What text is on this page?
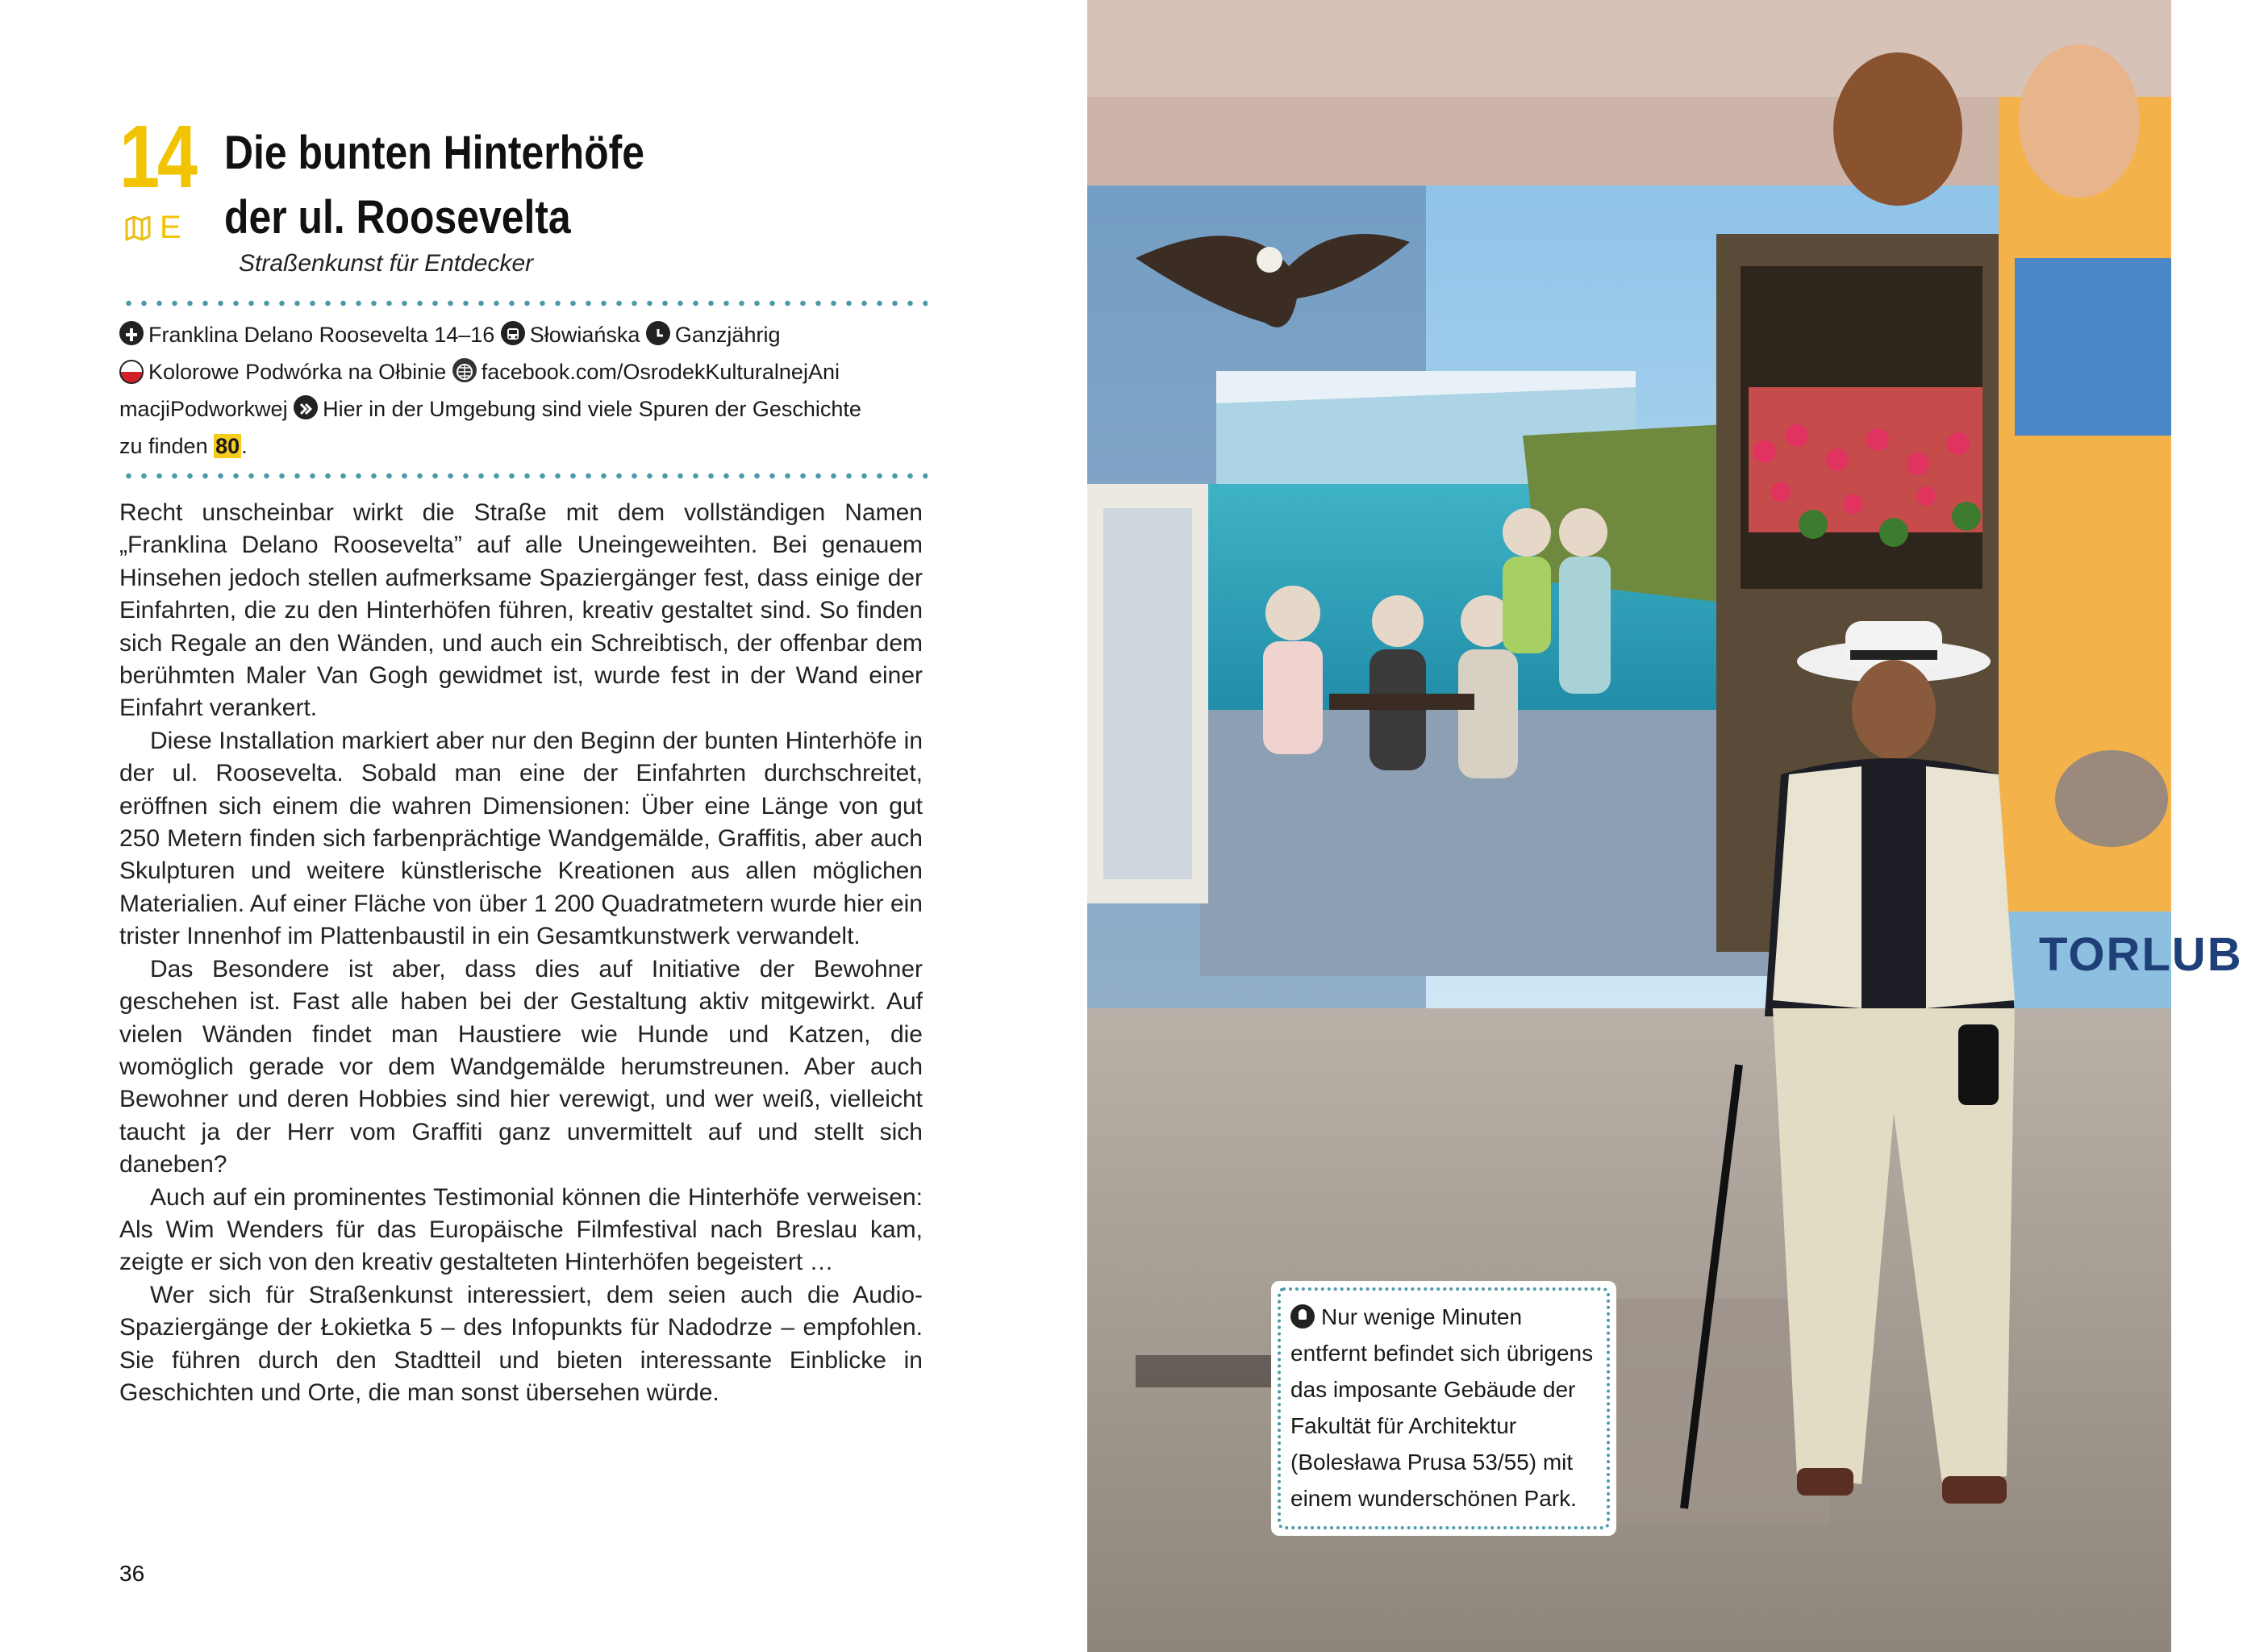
14
E
Die bunten Hinterhöfe
der ul. Roosevelta
Straßenkunst für Entdecker
Franklina Delano Roosevelta 14–16 Słowiańska Ganzjährig
Kolorowe Podwórka na Ołbinie facebook.com/OsrodekKulturalnejAni
macjiPodworkwej Hier in der Umgebung sind viele Spuren der Geschichte
zu finden 80.

Recht unscheinbar wirkt die Straße mit dem vollständigen Namen „Franklina Delano Roosevelta” auf alle Uneingeweihten. Bei genauem Hinsehen jedoch stellen aufmerksame Spaziergänger fest, dass einige der Einfahrten, die zu den Hinterhöfen führen, kreativ gestaltet sind. So finden sich Regale an den Wänden, und auch ein Schreibtisch, der offenbar dem berühmten Maler Van Gogh gewidmet ist, wurde fest in der Wand einer Einfahrt verankert.

Diese Installation markiert aber nur den Beginn der bunten Hinterhöfe in der ul. Roosevelta. Sobald man eine der Einfahrten durchschreitet, eröffnen sich einem die wahren Dimensionen: Über eine Länge von gut 250 Metern finden sich farbenprächtige Wandgemälde, Graffitis, aber auch Skulpturen und weitere künstlerische Kreationen aus allen möglichen Materialien. Auf einer Fläche von über 1 200 Quadratmetern wurde hier ein trister Innenhof im Plattenbaustil in ein Gesamtkunstwerk verwandelt.

Das Besondere ist aber, dass dies auf Initiative der Bewohner geschehen ist. Fast alle haben bei der Gestaltung aktiv mitgewirkt. Auf vielen Wänden findet man Haustiere wie Hunde und Katzen, die womöglich gerade vor dem Wandgemälde herumstreunen. Aber auch Bewohner und deren Hobbies sind hier verewigt, und wer weiß, vielleicht taucht ja der Herr vom Graffiti ganz unvermittelt auf und stellt sich daneben?

Auch auf ein prominentes Testimonial können die Hinterhöfe verweisen: Als Wim Wenders für das Europäische Filmfestival nach Breslau kam, zeigte er sich von den kreativ gestalteten Hinterhöfen begeistert …

Wer sich für Straßenkunst interessiert, dem seien auch die Audio-Spaziergänge der Łokietka 5 – des Infopunkts für Nadodrze – empfohlen. Sie führen durch den Stadtteil und bieten interessante Einblicke in Geschichten und Orte, die man sonst übersehen würde.

36
TORLUB
Nur wenige Minuten entfernt befindet sich übrigens das imposante Gebäude der Fakultät für Architektur (Bolesława Prusa 53/55) mit einem wunderschönen Park.
